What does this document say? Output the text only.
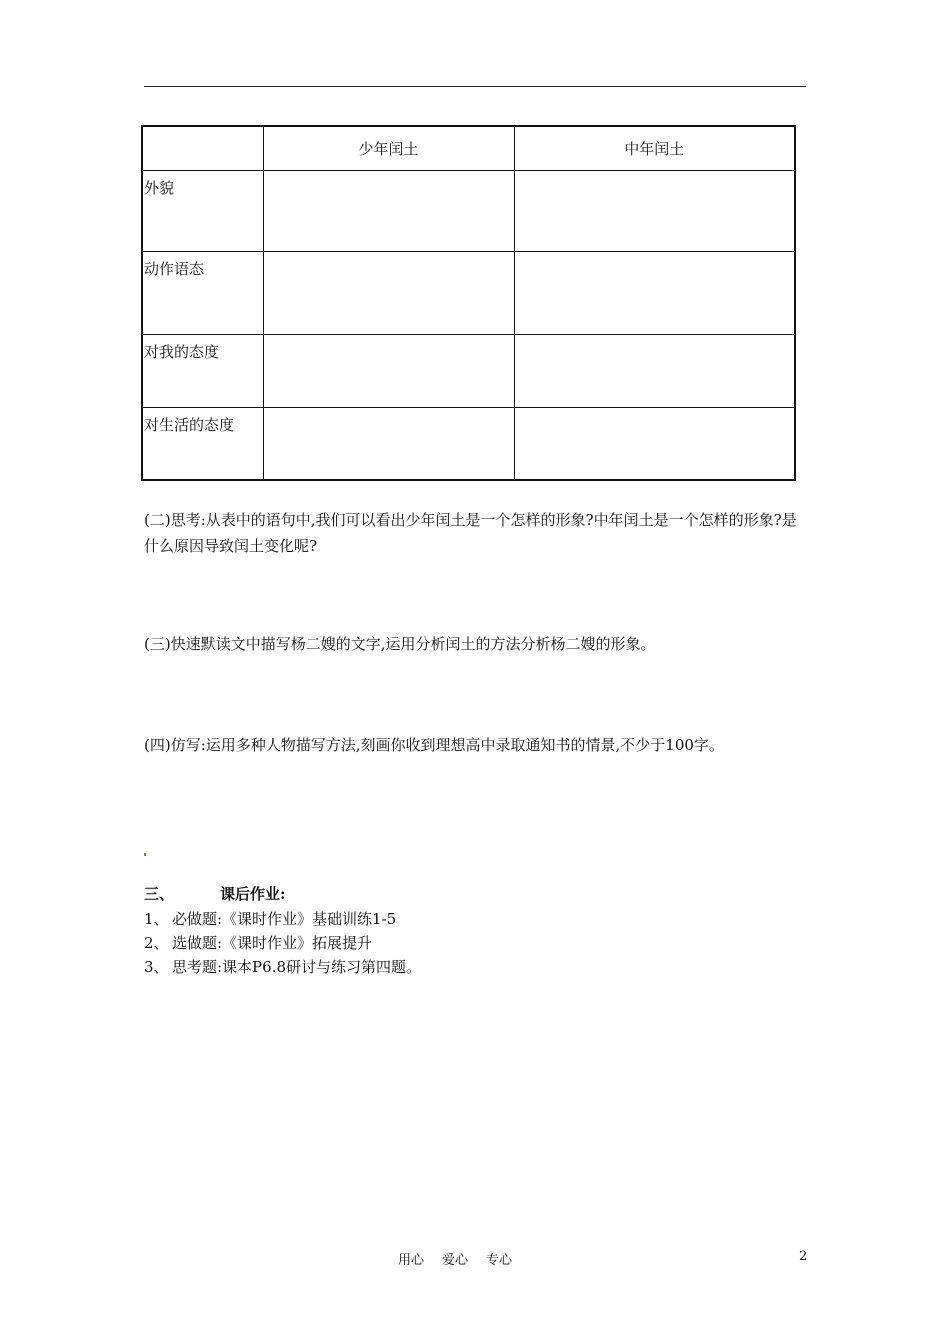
	少年闰土	中年闰土
外貌		
动作语态		
对我的态度		
对生活的态度		
(二)思考:从表中的语句中,我们可以看出少年闰土是一个怎样的形象?中年闰土是一个怎样的形象?是什么原因导致闰土变化呢?
(三)快速默读文中描写杨二嫂的文字,运用分析闰土的方法分析杨二嫂的形象。
(四)仿写:运用多种人物描写方法,刻画你收到理想高中录取通知书的情景,不少于100字。
三、	课后作业:
1、 必做题:《课时作业》基础训练1-5
2、 选做题:《课时作业》拓展提升
3、 思考题:课本P6.8研讨与练习第四题。
用心 爱心 专心	2
